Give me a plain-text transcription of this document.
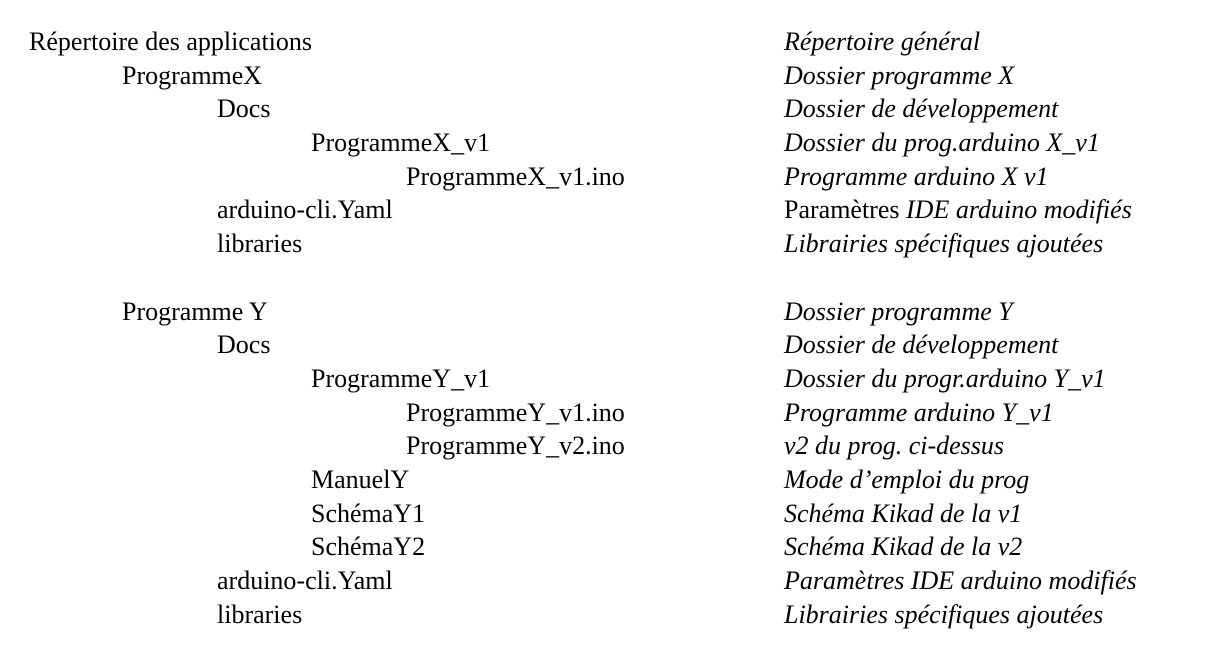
Répertoire des applications	Répertoire général
ProgrammeX	Dossier programme X
Docs	Dossier de développement
ProgrammeX_v1	Dossier du prog.arduino X_v1
ProgrammeX_v1.ino	Programme arduino X v1
arduino-cli.Yaml	Paramètres IDE arduino modifiés
libraries	Librairies spécifiques ajoutées
Programme Y	Dossier programme Y
Docs	Dossier de développement
ProgrammeY_v1	Dossier du progr.arduino Y_v1
ProgrammeY_v1.ino	Programme arduino Y_v1
ProgrammeY_v2.ino	v2 du prog. ci-dessus
ManuelY	Mode d’emploi du prog
SchémaY1	Schéma Kikad de la v1
SchémaY2	Schéma Kikad de la v2
arduino-cli.Yaml	Paramètres IDE arduino modifiés
libraries	Librairies spécifiques ajoutées
